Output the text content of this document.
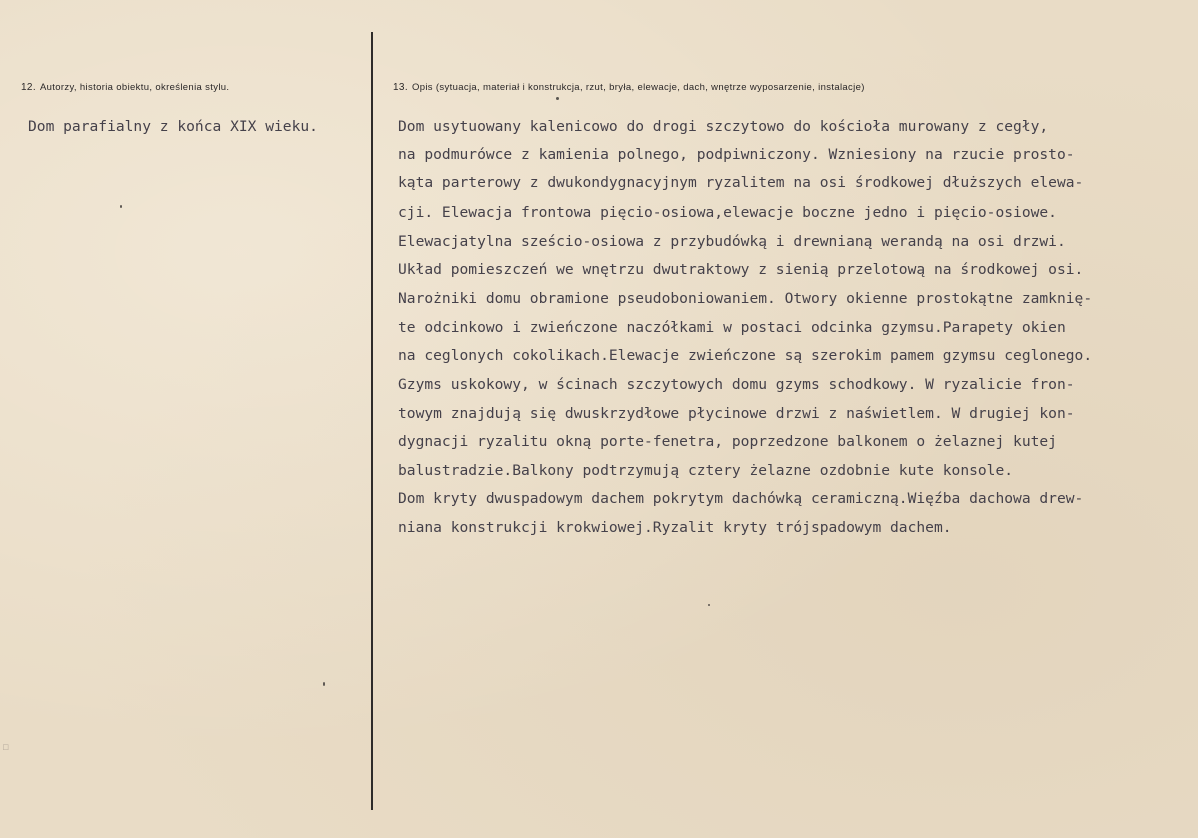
12. Autorzy, historia obiektu, określenia stylu.
Dom parafialny z końca XIX wieku.
13. Opis (sytuacja, materiał i konstrukcja, rzut, bryła, elewacje, dach, wnętrze wyposarzenie, instalacje)
Dom usytuowany kalenicowo do drogi szczytowo do kościoła murowany z cegły,
na podmurówce z kamienia polnego, podpiwniczony. Wzniesiony na rzucie prosto-
kąta parterowy z dwukondygnacyjnym ryzalitem na osi środkowej dłuższych elewa-
cji. Elewacja frontowa pięcio-osiowa,elewacje boczne jedno i pięcio-osiowe.
Elewacjatylna sześcio-osiowa z przybudówką i drewnianą werandą na osi drzwi.
Układ pomieszczeń we wnętrzu dwutraktowy z sienią przelotową na środkowej osi.
Narożniki domu obramione pseudoboniowaniem. Otwory okienne prostokątne zamknię-
te odcinkowo i zwieńczone naczółkami w postaci odcinka gzymsu.Parapety okien
na ceglonych cokolikach.Elewacje zwieńczone są szerokim pamem gzymsu ceglonego.
Gzyms uskokowy, w ścinach szczytowych domu gzyms schodkowy. W ryzalicie fron-
towym znajdują się dwuskrzydłowe płycinowe drzwi z naświetlem. W drugiej kon-
dygnacji ryzalitu okną porte-fenetra, poprzedzone balkonem o żelaznej kutej
balustradzie.Balkony podtrzymują cztery żelazne ozdobnie kute konsole.
Dom kryty dwuspadowym dachem pokrytym dachówką ceramiczną.Więźba dachowa drew-
niana konstrukcji krokwiowej.Ryzalit kryty trójspadowym dachem.
▫
